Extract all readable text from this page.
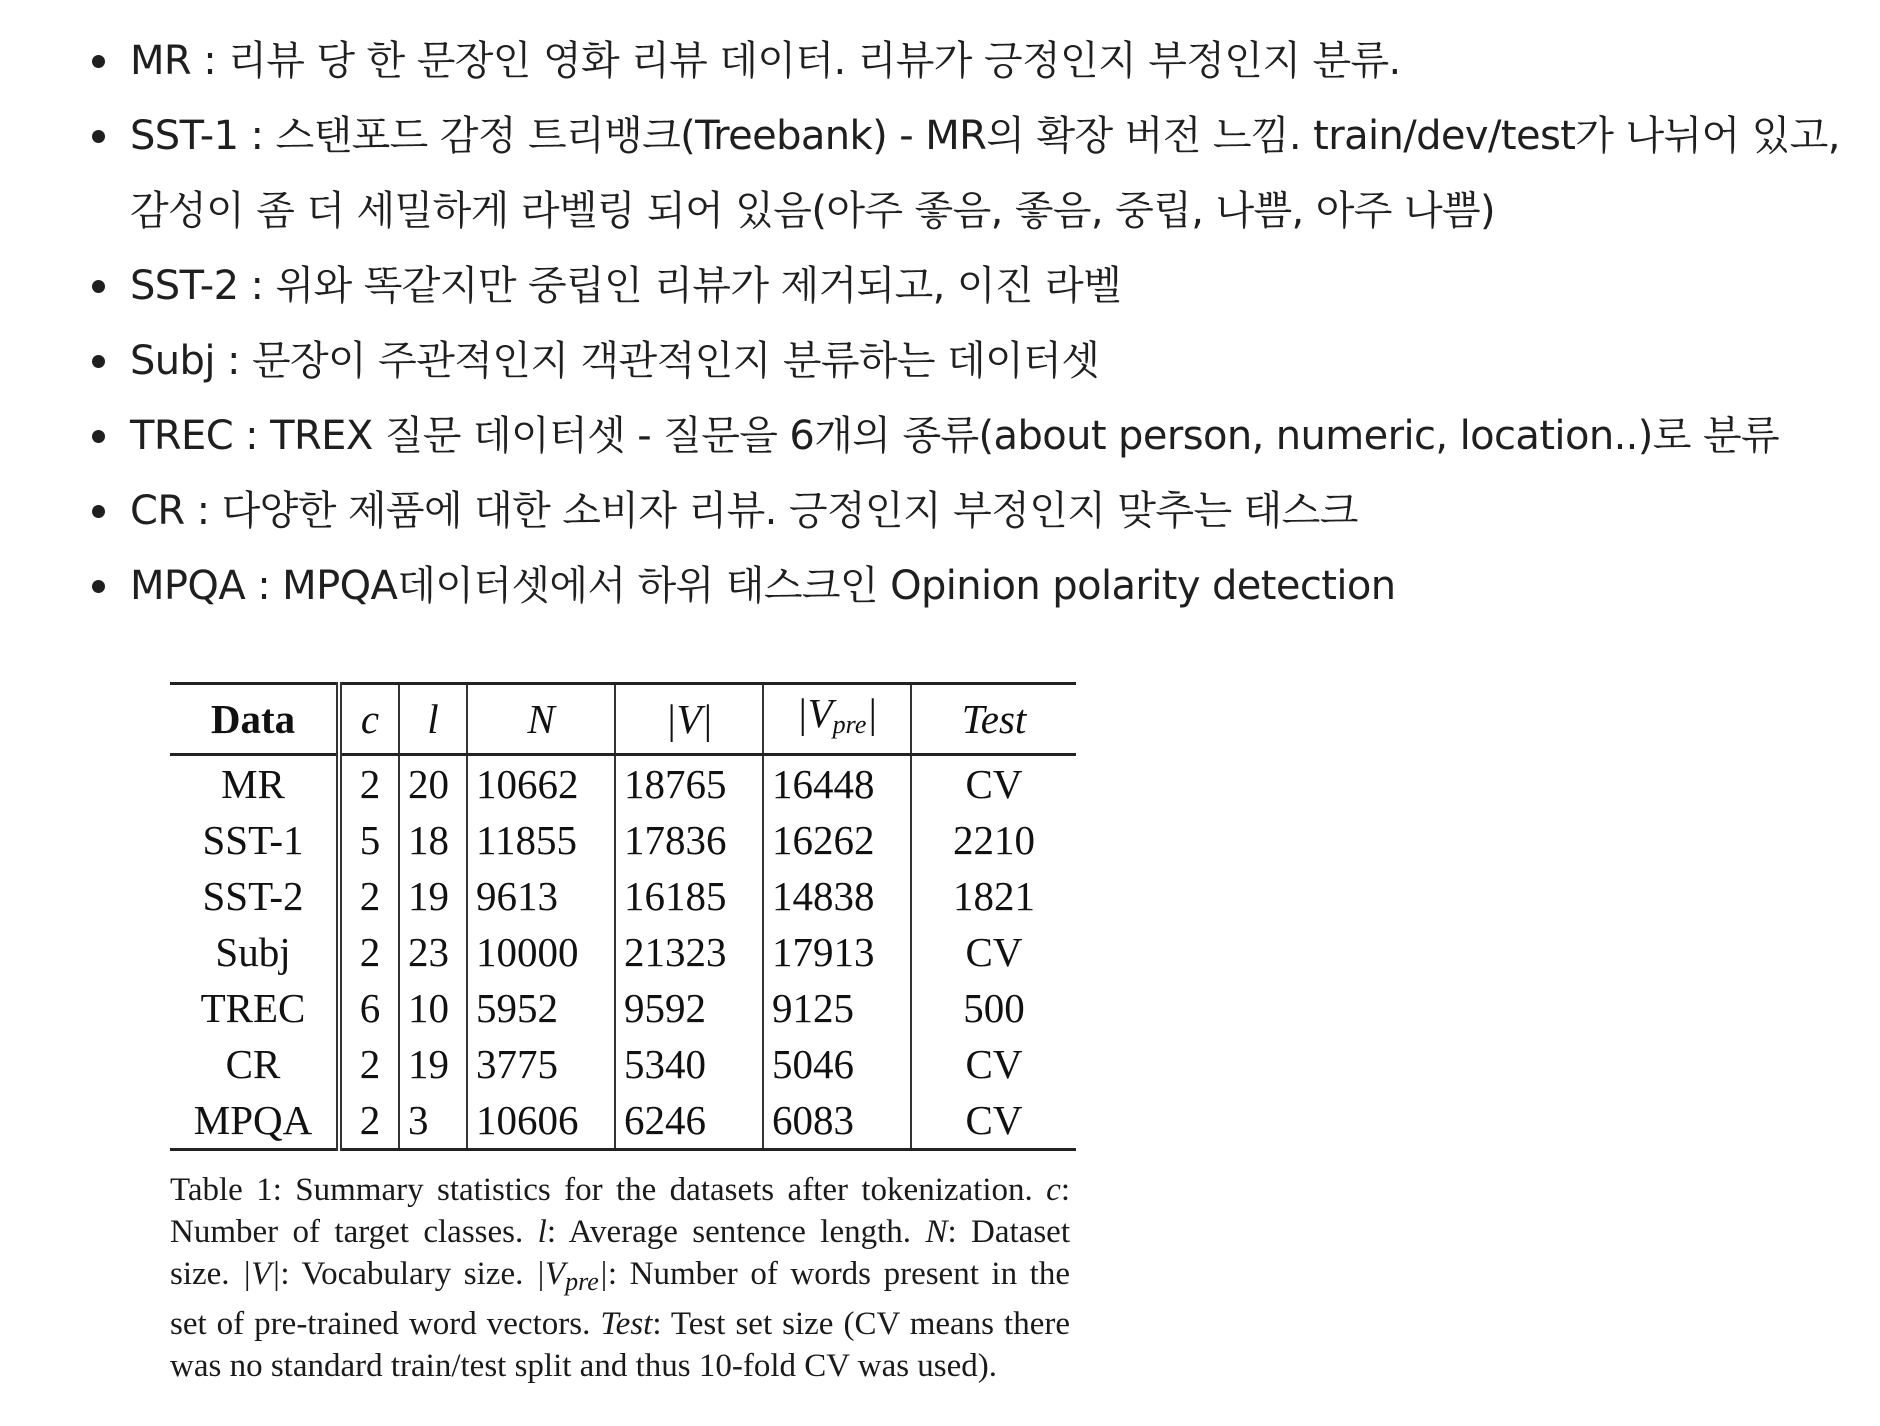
MR : 리뷰 당 한 문장인 영화 리뷰 데이터. 리뷰가 긍정인지 부정인지 분류.
SST-1 : 스탠포드 감정 트리뱅크(Treebank) - MR의 확장 버전 느낌. train/dev/test가 나뉘어 있고, 감성이 좀 더 세밀하게 라벨링 되어 있음(아주 좋음, 좋음, 중립, 나쁨, 아주 나쁨)
SST-2 : 위와 똑같지만 중립인 리뷰가 제거되고, 이진 라벨
Subj : 문장이 주관적인지 객관적인지 분류하는 데이터셋
TREC : TREX 질문 데이터셋 - 질문을 6개의 종류(about person, numeric, location..)로 분류
CR : 다양한 제품에 대한 소비자 리뷰. 긍정인지 부정인지 맞추는 태스크
MPQA : MPQA데이터셋에서 하위 태스크인 Opinion polarity detection
Data	c	l	N	|V|	$|V_{pre}|$	Test
MR	2	20	10662	18765	16448	CV
SST-1	5	18	11855	17836	16262	2210
SST-2	2	19	9613	16185	14838	1821
Subj	2	23	10000	21323	17913	CV
TREC	6	10	5952	9592	9125	500
CR	2	19	3775	5340	5046	CV
MPQA	2	3	10606	6246	6083	CV
Table 1: Summary statistics for the datasets after tokenization. c: Number of target classes. l: Average sentence length. N: Dataset size. |V|: Vocabulary size. $|V_{pre}|$: Number of words present in the set of pre-trained word vectors. Test: Test set size (CV means there was no standard train/test split and thus 10-fold CV was used).
